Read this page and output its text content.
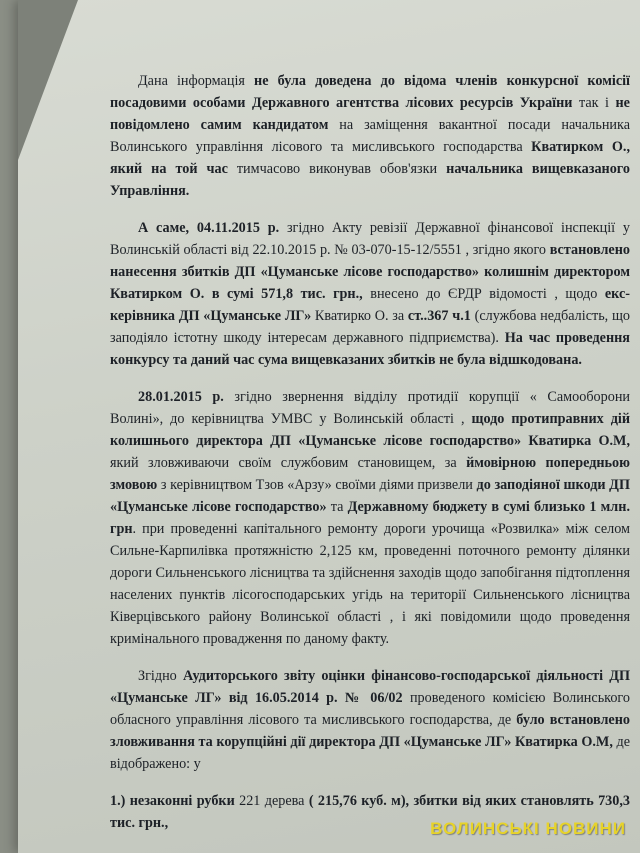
Дана інформація не була доведена до відома членів конкурсної комісії посадовими особами Державного агентства лісових ресурсів України так і не повідомлено самим кандидатом на заміщення вакантної посади начальника Волинського управління лісового та мисливського господарства Кватирком О., який на той час тимчасово виконував обов'язки начальника вищевказаного Управління.

А саме, 04.11.2015 р. згідно Акту ревізії Державної фінансової інспекції у Волинській області від 22.10.2015 р. № 03-070-15-12/5551 , згідно якого встановлено нанесення збитків ДП «Цуманське лісове господарство» колишнім директором Кватирком О. в сумі 571,8 тис. грн., внесено до ЄРДР відомості , щодо екс-керівника ДП «Цуманське ЛГ» Кватирко О. за ст..367 ч.1 (службова недбалість, що заподіяло істотну шкоду інтересам державного підприємства). На час проведення конкурсу та даний час сума вищевказаних збитків не була відшкодована.

28.01.2015 р. згідно звернення відділу протидії корупції « Самооборони Волині», до керівництва УМВС у Волинській області , щодо протиправних дій колишнього директора ДП «Цуманське лісове господарство» Кватирка О.М, який зловживаючи своїм службовим становищем, за ймовірною попередньою змовою з керівництвом Тзов «Арзу» своїми діями призвели до заподіяної шкоди ДП «Цуманське лісове господарство» та Державному бюджету в сумі близько 1 млн. грн. при проведенні капітального ремонту дороги урочища «Розвилка» між селом Сильне-Карпилівка протяжністю 2,125 км, проведенні поточного ремонту ділянки дороги Сильненського лісництва та здійснення заходів щодо запобігання підтоплення населених пунктів лісогосподарських угідь на території Сильненського лісництва Ківерцівського району Волинської області , і які повідомили щодо проведення кримінального провадження по даному факту.

Згідно Аудиторського звіту оцінки фінансово-господарської діяльності ДП «Цуманське ЛГ» від 16.05.2014 р. № 06/02 проведеного комісією Волинського обласного управління лісового та мисливського господарства, де було встановлено зловживання та корупційні дії директора ДП «Цуманське ЛГ» Кватирка О.М, де відображено: у

1.) незаконні рубки 221 дерева ( 215,76 куб. м), збитки від яких становлять 730,3 тис. грн.,	ВОЛИНСЬКІ НОВИНИ
